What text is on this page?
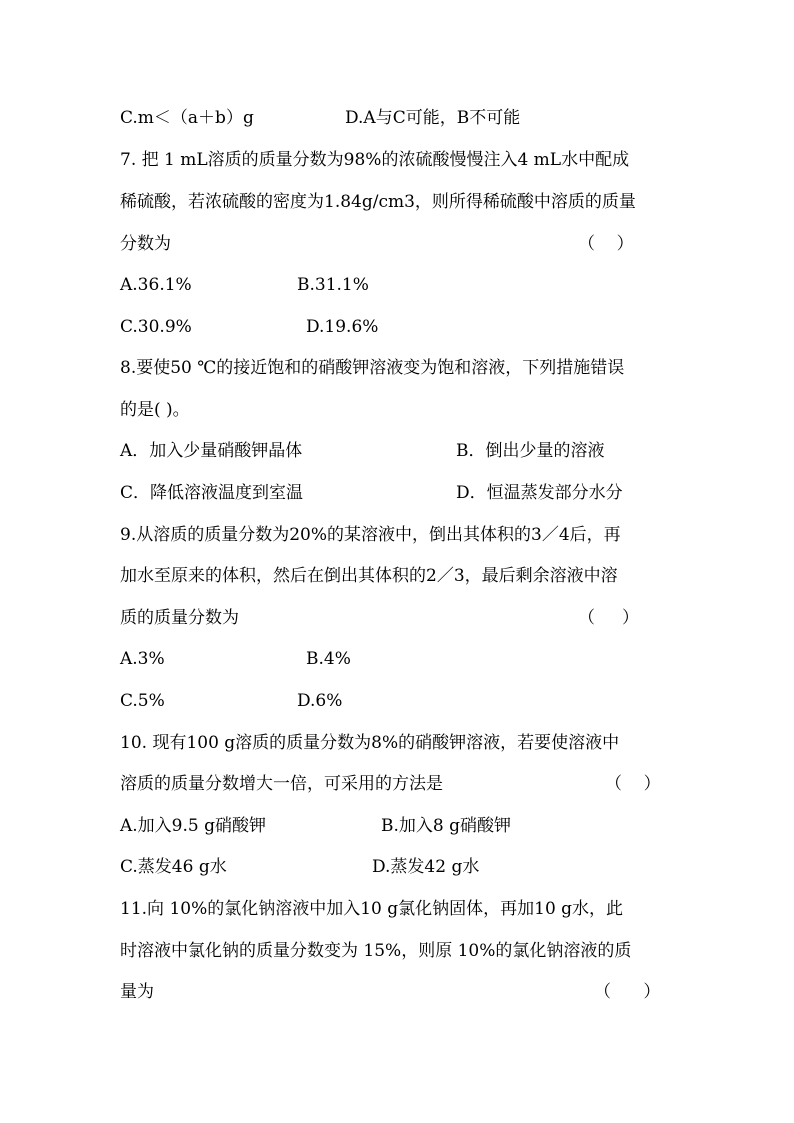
C.m＜（a＋b）g	D.A与C可能，B不可能
7. 把 1 mL溶质的质量分数为98%的浓硫酸慢慢注入4 mL水中配成
稀硫酸，若浓硫酸的密度为1.84g/cm3，则所得稀硫酸中溶质的质量
分数为	（    ）
A.36.1%	B.31.1%
C.30.9%	D.19.6%
8.要使50 ℃的接近饱和的硝酸钾溶液变为饱和溶液，下列措施错误
的是( )。
A．加入少量硝酸钾晶体	B．倒出少量的溶液
C．降低溶液温度到室温	D．恒温蒸发部分水分
9.从溶质的质量分数为20%的某溶液中，倒出其体积的3／4后，再
加水至原来的体积，然后在倒出其体积的2／3，最后剩余溶液中溶
质的质量分数为	（     ）
A.3%	B.4%
C.5%	D.6%
10. 现有100 g溶质的质量分数为8%的硝酸钾溶液，若要使溶液中
溶质的质量分数增大一倍，可采用的方法是	（    ）
A.加入9.5 g硝酸钾	B.加入8 g硝酸钾
C.蒸发46 g水	D.蒸发42 g水
11.向 10%的氯化钠溶液中加入10 g氯化钠固体，再加10 g水，此
时溶液中氯化钠的质量分数变为 15%，则原 10%的氯化钠溶液的质
量为	（      ）
